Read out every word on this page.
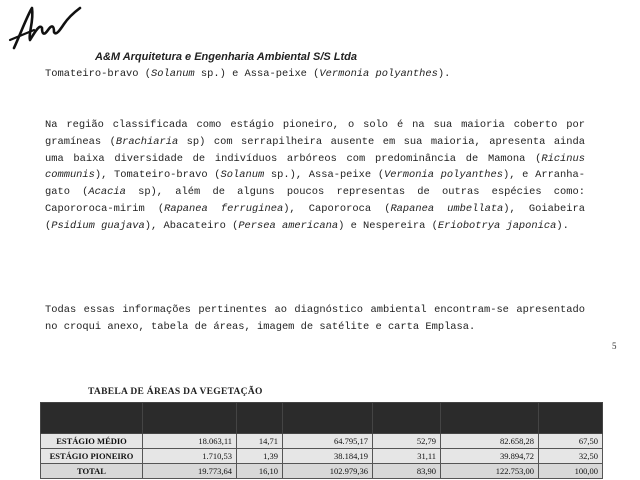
A&M Arquitetura e Engenharia Ambiental S/S Ltda
Tomateiro-bravo (Solanum sp.) e Assa-peixe (Vermonia polyanthes).
Na região classificada como estágio pioneiro, o solo é na sua maioria coberto por gramíneas (Brachiaria sp) com serrapilheira ausente em sua maioria, apresenta ainda uma baixa diversidade de indivíduos arbóreos com predominância de Mamona (Ricinus communis), Tomateiro-bravo (Solanum sp.), Assa-peixe (Vermonia polyanthes), e Arranha-gato (Acacia sp), além de alguns poucos representas de outras espécies como: Capororoca-mirim (Rapanea ferruginea), Capororoca (Rapanea umbellata), Goiabeira (Psidium guajava), Abacateiro (Persea americana) e Nespereira (Eriobotrya japonica).
Todas essas informações pertinentes ao diagnóstico ambiental encontram-se apresentado no croqui anexo, tabela de áreas, imagem de satélite e carta Emplasa.
5
TABELA DE ÁREAS DA VEGETAÇÃO

ESTÁGIO MÉDIO	18.063,11	14,71	64.795,17	52,79	82.658,28	67,50
ESTÁGIO PIONEIRO	1.710,53	1,39	38.184,19	31,11	39.894,72	32,50
TOTAL	19.773,64	16,10	102.979,36	83,90	122.753,00	100,00
